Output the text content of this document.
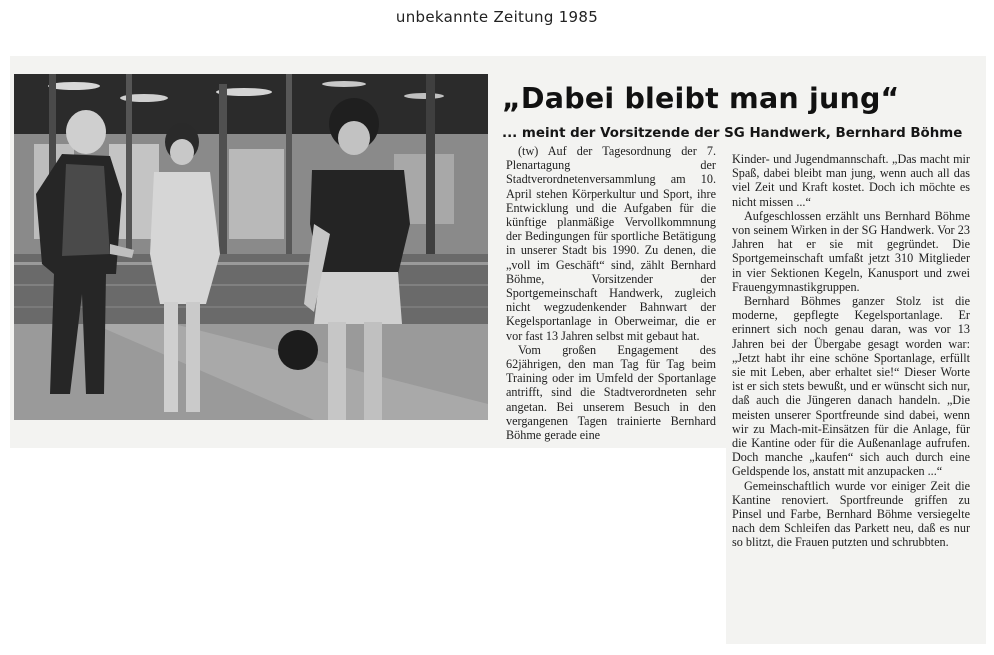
unbekannte Zeitung 1985
„Dabei bleibt man jung“
... meint der Vorsitzende der SG Handwerk, Bernhard Böhme

(tw) Auf der Tagesordnung der 7. Plenartagung der Stadtverordnetenversammlung am 10. April stehen Körperkultur und Sport, ihre Entwicklung und die Aufgaben für die künftige planmäßige Vervollkommnung der Bedingungen für sportliche Betätigung in unserer Stadt bis 1990. Zu denen, die „voll im Geschäft“ sind, zählt Bernhard Böhme, Vorsitzender der Sportgemeinschaft Handwerk, zugleich nicht wegzudenkender Bahnwart der Kegelsportanlage in Oberweimar, die er vor fast 13 Jahren selbst mit gebaut hat.

Vom großen Engagement des 62jährigen, den man Tag für Tag beim Training oder im Umfeld der Sportanlage antrifft, sind die Stadtverordneten sehr angetan. Bei unserem Besuch in den vergangenen Tagen trainierte Bernhard Böhme gerade eine

Kinder- und Jugendmannschaft. „Das macht mir Spaß, dabei bleibt man jung, wenn auch all das viel Zeit und Kraft kostet. Doch ich möchte es nicht missen ...“

Aufgeschlossen erzählt uns Bernhard Böhme von seinem Wirken in der SG Handwerk. Vor 23 Jahren hat er sie mit gegründet. Die Sportgemeinschaft umfaßt jetzt 310 Mitglieder in vier Sektionen Kegeln, Kanusport und zwei Frauengymnastikgruppen.

Bernhard Böhmes ganzer Stolz ist die moderne, gepflegte Kegelsportanlage. Er erinnert sich noch genau daran, was vor 13 Jahren bei der Übergabe gesagt worden war: „Jetzt habt ihr eine schöne Sportanlage, erfüllt sie mit Leben, aber erhaltet sie!“ Dieser Worte ist er sich stets bewußt, und er wünscht sich nur, daß auch die Jüngeren danach handeln. „Die meisten unserer Sportfreunde sind dabei, wenn wir zu Mach-mit-Einsätzen für die Anlage, für die Kantine oder für die Außenanlage aufrufen. Doch manche „kaufen“ sich auch durch eine Geldspende los, anstatt mit anzupacken ...“

Gemeinschaftlich wurde vor einiger Zeit die Kantine renoviert. Sportfreunde griffen zu Pinsel und Farbe, Bernhard Böhme versiegelte nach dem Schleifen das Parkett neu, daß es nur so blitzt, die Frauen putzten und schrubbten.
